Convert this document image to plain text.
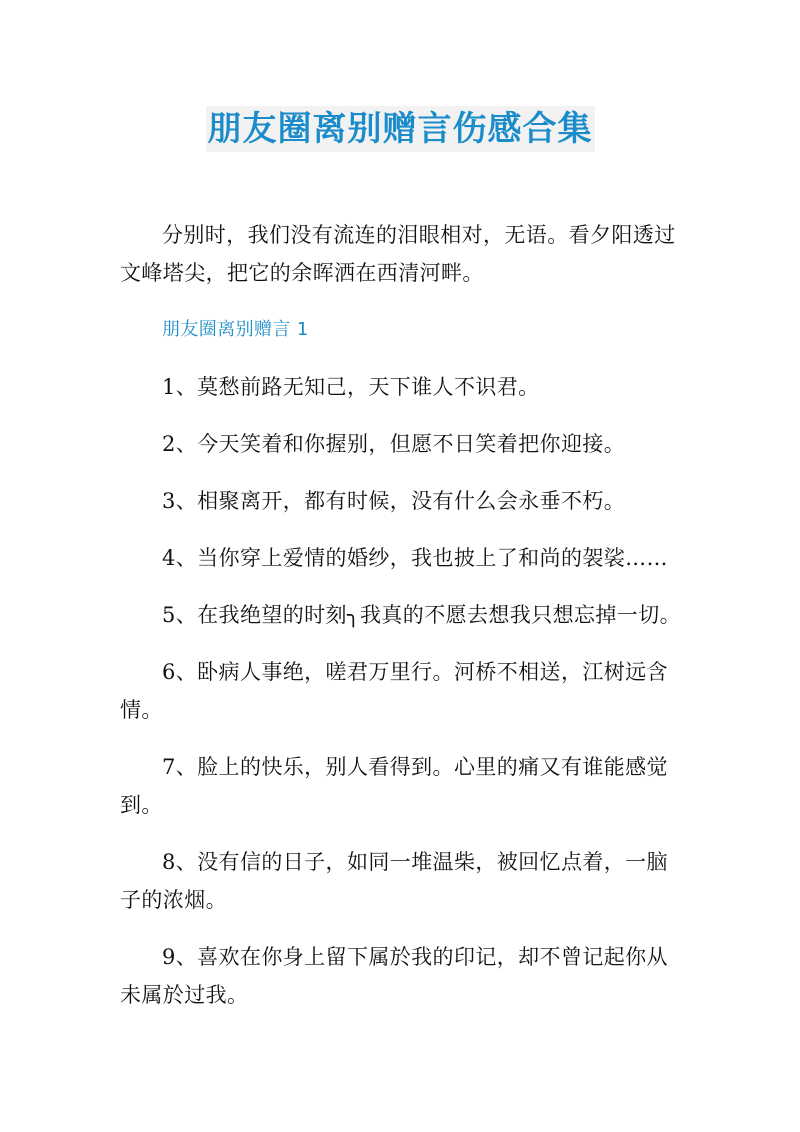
朋友圈离别赠言伤感合集

分别时，我们没有流连的泪眼相对，无语。看夕阳透过文峰塔尖，把它的余晖洒在西清河畔。

朋友圈离别赠言 1

1、莫愁前路无知己，天下谁人不识君。

2、今天笑着和你握别，但愿不日笑着把你迎接。

3、相聚离开，都有时候，没有什么会永垂不朽。

4、当你穿上爱情的婚纱，我也披上了和尚的袈裟……

5、在我绝望的时刻╮我真的不愿去想我只想忘掉一切。

6、卧病人事绝，嗟君万里行。河桥不相送，江树远含情。

7、脸上的快乐，别人看得到。心里的痛又有谁能感觉到。

8、没有信的日子，如同一堆温柴，被回忆点着，一脑子的浓烟。

9、喜欢在你身上留下属於我的印记，却不曾记起你从未属於过我。
